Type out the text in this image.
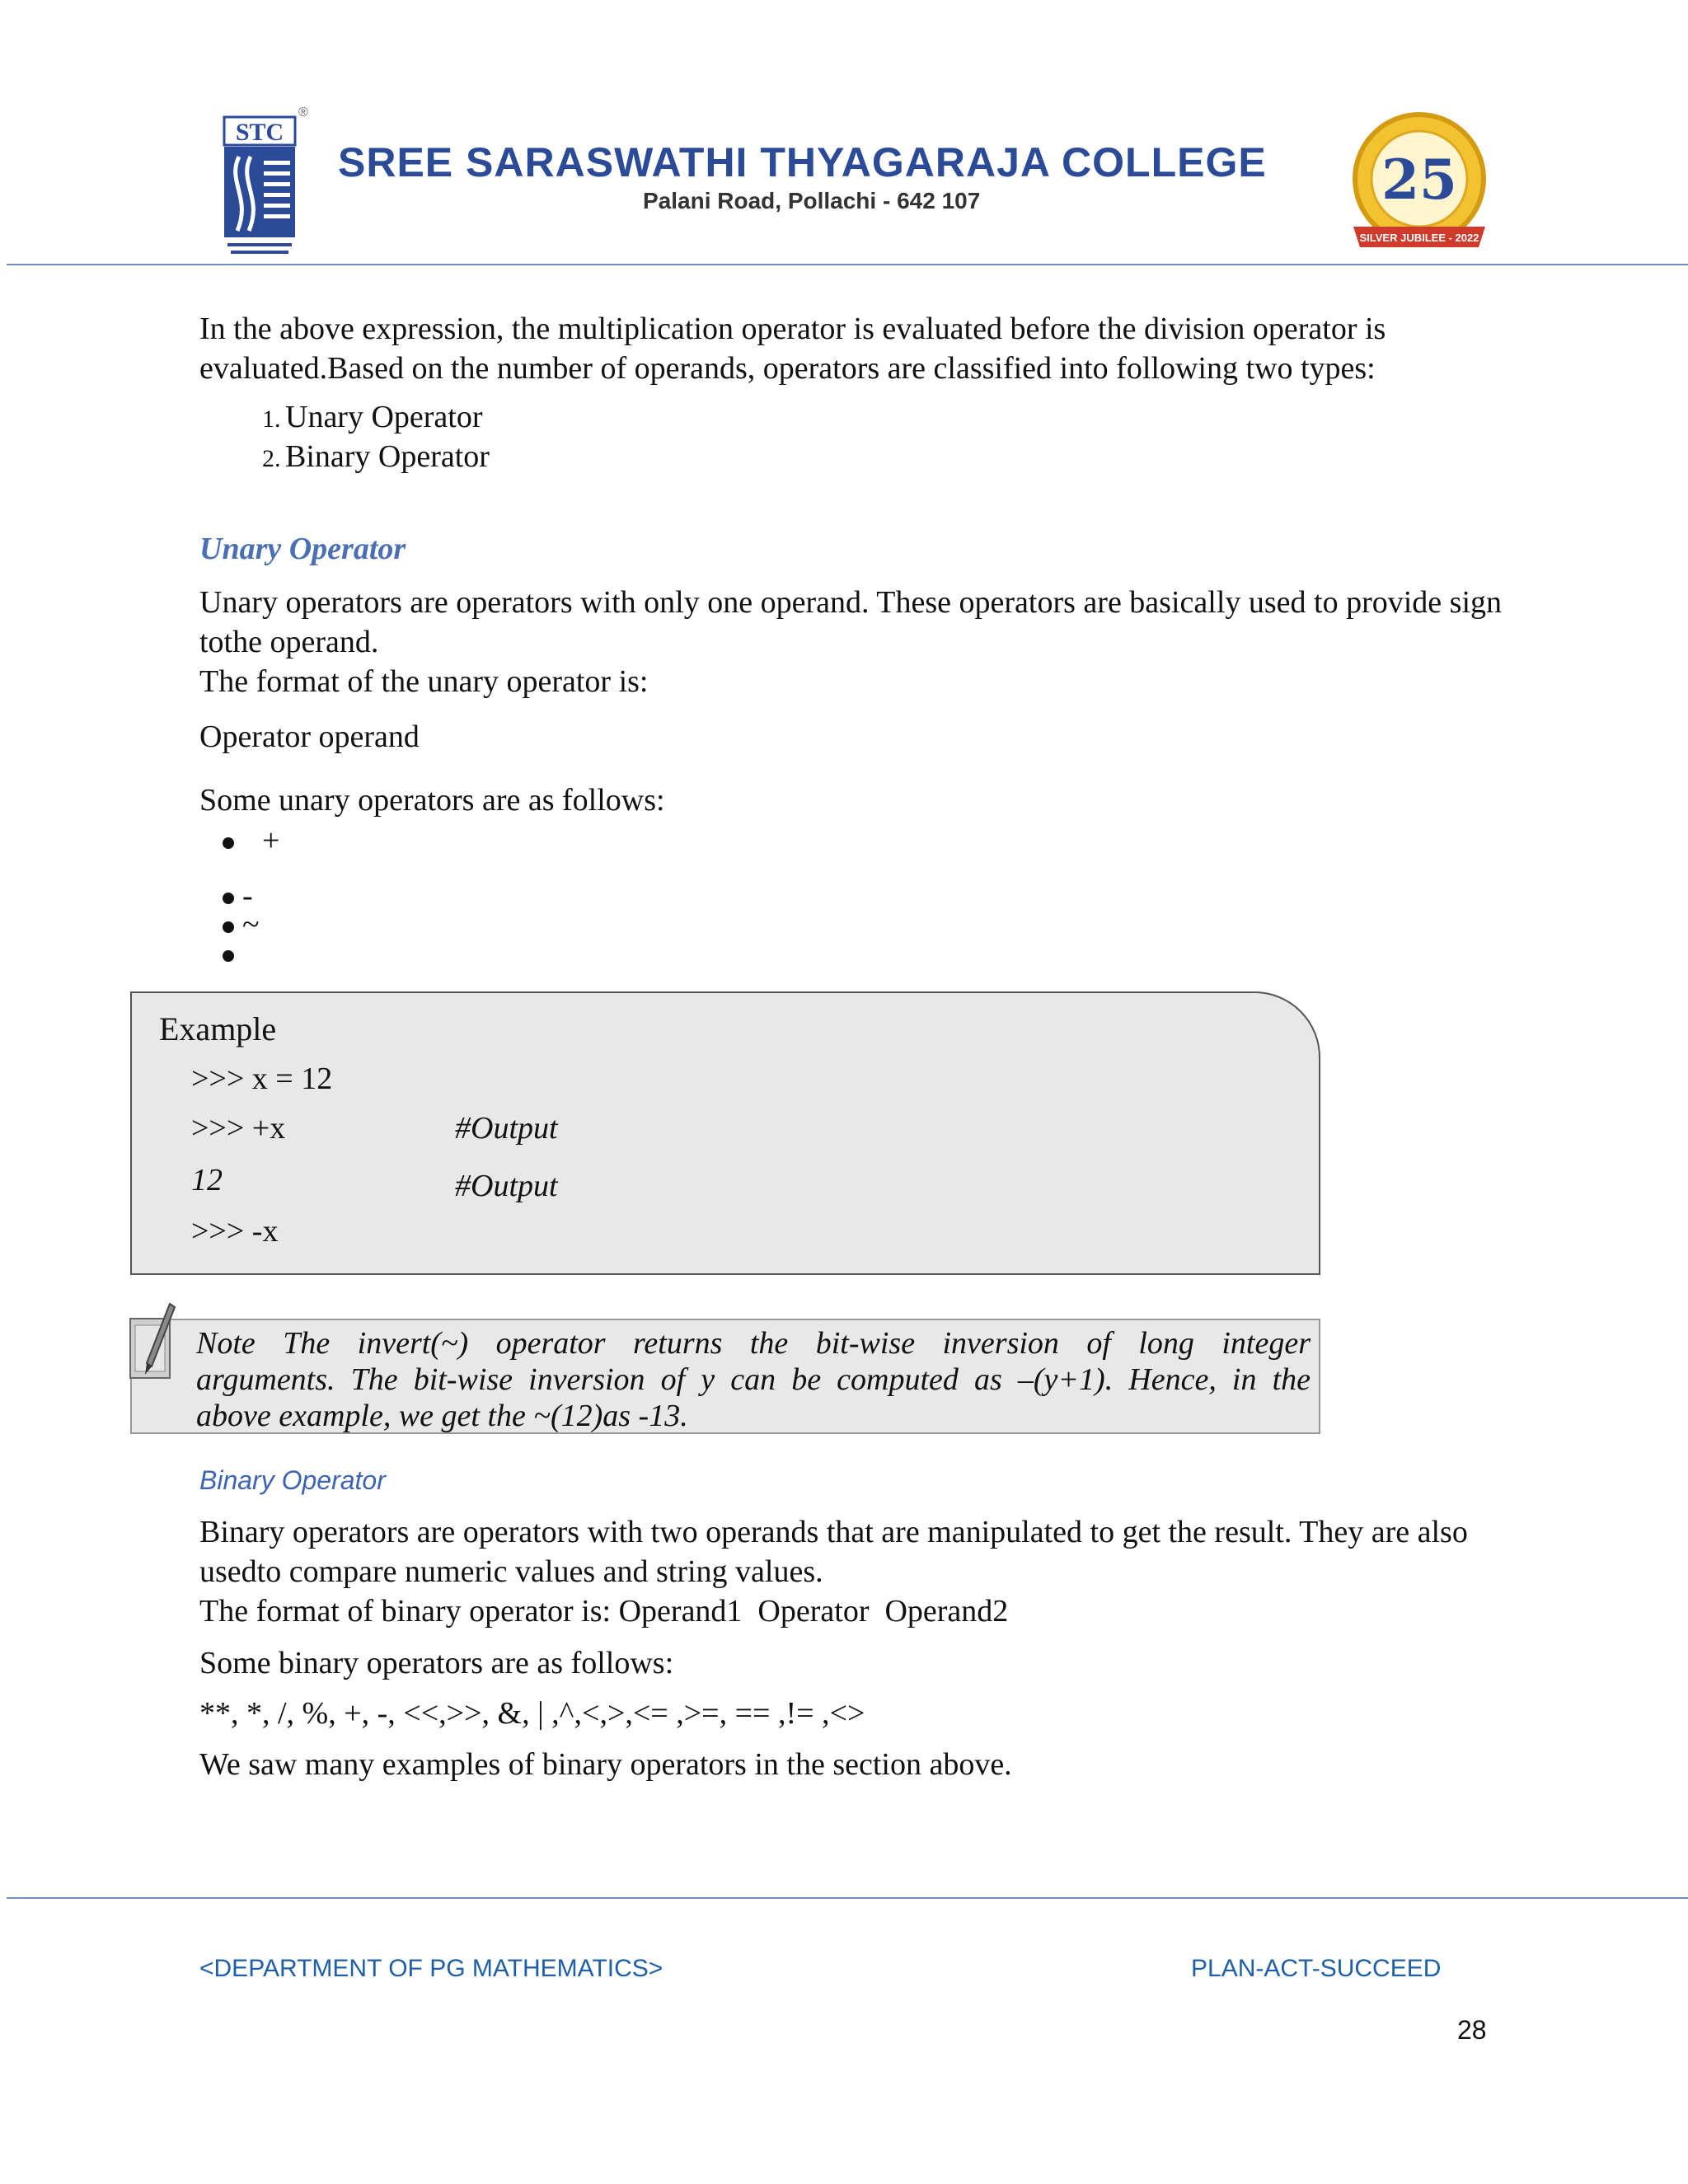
STC
®
SREE SARASWATHI THYAGARAJA COLLEGE
Palani Road, Pollachi - 642 107	25
SILVER JUBILEE - 2022
In the above expression, the multiplication operator is evaluated before the division operator is evaluated.Based on the number of operands, operators are classified into following two types:
1. Unary Operator
2. Binary Operator
Unary Operator
Unary operators are operators with only one operand. These operators are basically used to provide sign tothe operand.
The format of the unary operator is:
Operator operand
Some unary operators are as follows:
+
-
~
Example
>>> x = 12
>>> +x	#Output
12	#Output
>>> -x
Note The invert(~) operator returns the bit-wise inversion of long integer
arguments. The bit-wise inversion of y can be computed as –(y+1). Hence, in the
above example, we get the ~(12)as -13.
Binary Operator
Binary operators are operators with two operands that are manipulated to get the result. They are also usedto compare numeric values and string values.
The format of binary operator is: Operand1  Operator  Operand2
Some binary operators are as follows:
**, *, /, %, +, -, <<,>>, &, | ,^,<,>,<= ,>=, == ,!= ,<>
We saw many examples of binary operators in the section above.
<DEPARTMENT OF PG MATHEMATICS>	PLAN-ACT-SUCCEED
28
